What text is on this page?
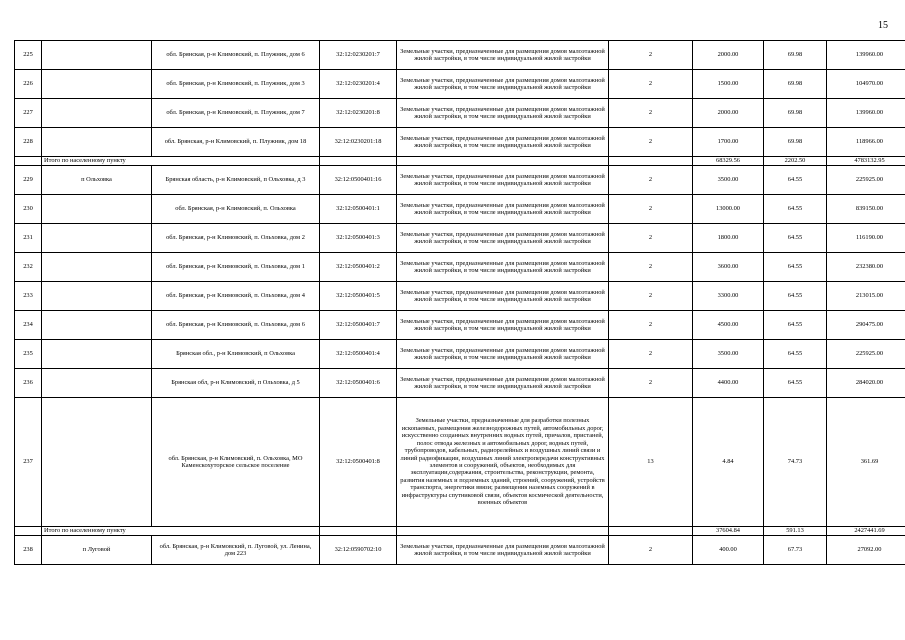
15
225		обл. Брянская, р-н Климовский, п. Плужник, дом 6	32:12:0230201:7	Земельные участки, предназначенные для размещения домов малоэтажной жилой застройки, в том числе индивидуальной жилой застройки	2	2000.00	69.98	139960.00
226		обл. Брянская, р-н Климовский, п. Плужник, дом 3	32:12:0230201:4	Земельные участки, предназначенные для размещения домов малоэтажной жилой застройки, в том числе индивидуальной жилой застройки	2	1500.00	69.98	104970.00
227		обл. Брянская, р-н Климовский, п. Плужник, дом 7	32:12:0230201:8	Земельные участки, предназначенные для размещения домов малоэтажной жилой застройки, в том числе индивидуальной жилой застройки	2	2000.00	69.98	139960.00
228		обл. Брянская, р-н Климовский, п. Плужник, дом 18	32:12:0230201:18	Земельные участки, предназначенные для размещения домов малоэтажной жилой застройки, в том числе индивидуальной жилой застройки	2	1700.00	69.98	118966.00
	Итого по населенному пункту					68329.56	2202.50	4783132.95
229	п Ольховка	Брянская область, р-н Климовский, п Ольховка, д 3	32:12:0500401:16	Земельные участки, предназначенные для размещения домов малоэтажной жилой застройки, в том числе индивидуальной жилой застройки	2	3500.00	64.55	225925.00
230		обл. Брянская, р-н Климовский, п. Ольховка	32:12:0500401:1	Земельные участки, предназначенные для размещения домов малоэтажной жилой застройки, в том числе индивидуальной жилой застройки	2	13000.00	64.55	839150.00
231		обл. Брянская, р-н Климовский, п. Ольховка, дом 2	32:12:0500401:3	Земельные участки, предназначенные для размещения домов малоэтажной жилой застройки, в том числе индивидуальной жилой застройки	2	1800.00	64.55	116190.00
232		обл. Брянская, р-н Климовский, п. Ольховка, дом 1	32:12:0500401:2	Земельные участки, предназначенные для размещения домов малоэтажной жилой застройки, в том числе индивидуальной жилой застройки	2	3600.00	64.55	232380.00
233		обл. Брянская, р-н Климовский, п. Ольховка, дом 4	32:12:0500401:5	Земельные участки, предназначенные для размещения домов малоэтажной жилой застройки, в том числе индивидуальной жилой застройки	2	3300.00	64.55	213015.00
234		обл. Брянская, р-н Климовский, п. Ольховка, дом 6	32:12:0500401:7	Земельные участки, предназначенные для размещения домов малоэтажной жилой застройки, в том числе индивидуальной жилой застройки	2	4500.00	64.55	290475.00
235		Брянская обл., р-н Климовский, п Ольховка	32:12:0500401:4	Земельные участки, предназначенные для размещения домов малоэтажной жилой застройки, в том числе индивидуальной жилой застройки	2	3500.00	64.55	225925.00
236		Брянская обл, р-н Климовский, п Ольховка, д 5	32:12:0500401:6	Земельные участки, предназначенные для размещения домов малоэтажной жилой застройки, в том числе индивидуальной жилой застройки	2	4400.00	64.55	284020.00
237		обл. Брянская, р-н Климовский, п. Ольховка, МО Каменскохуторское сельское поселение	32:12:0500401:8	Земельные участки, предназначенные для разработки полезных ископаемых, размещения железнодорожных путей, автомобильных дорог, искусственно созданных внутренних водных путей, причалов, пристаней, полос отвода железных и автомобильных дорог, водных путей, трубопроводов, кабельных, радиорелейных и воздушных линий связи и линий радиофикации, воздушных линий электропередачи конструктивных элементов и сооружений, объектов, необходимых для эксплуатации,содержания, строительства, реконструкции, ремонта, развития наземных и подземных зданий, строений, сооружений, устройств транспорта, энергетики ввязи; размещения наземных сооружений в инфраструктуры спутниковой связи, объектов космической деятельности, военных объектов	13	4.84	74.73	361.69
	Итого по населенному пункту					37604.84	591.13	2427441.69
238	п Луговой	обл. Брянская, р-н Климовский, п. Луговой, ул. Ленина, дом 223	32:12:0590702:10	Земельные участки, предназначенные для размещения домов малоэтажной жилой застройки, в том числе индивидуальной жилой застройки	2	400.00	67.73	27092.00
